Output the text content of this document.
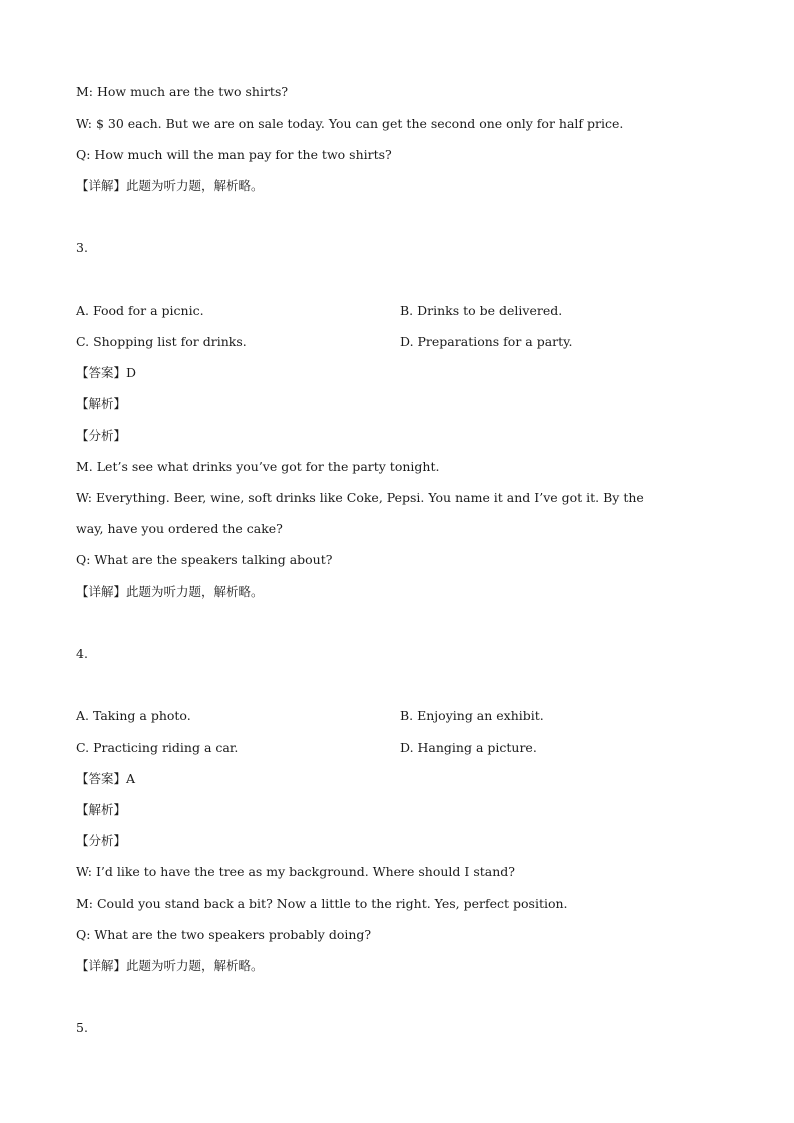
M: How much are the two shirts?
W: $ 30 each. But we are on sale today. You can get the second one only for half price.
Q: How much will the man pay for the two shirts?
【详解】此题为听力题，解析略。
3.
A. Food for a picnic.	B. Drinks to be delivered.
C. Shopping list for drinks.	D. Preparations for a party.
【答案】D
【解析】
【分析】
M. Let’s see what drinks you’ve got for the party tonight.
W: Everything. Beer, wine, soft drinks like Coke, Pepsi. You name it and I’ve got it. By the
way, have you ordered the cake?
Q: What are the speakers talking about?
【详解】此题为听力题，解析略。
4.
A. Taking a photo.	B. Enjoying an exhibit.
C. Practicing riding a car.	D. Hanging a picture.
【答案】A
【解析】
【分析】
W: I’d like to have the tree as my background. Where should I stand?
M: Could you stand back a bit? Now a little to the right. Yes, perfect position.
Q: What are the two speakers probably doing?
【详解】此题为听力题，解析略。
5.
